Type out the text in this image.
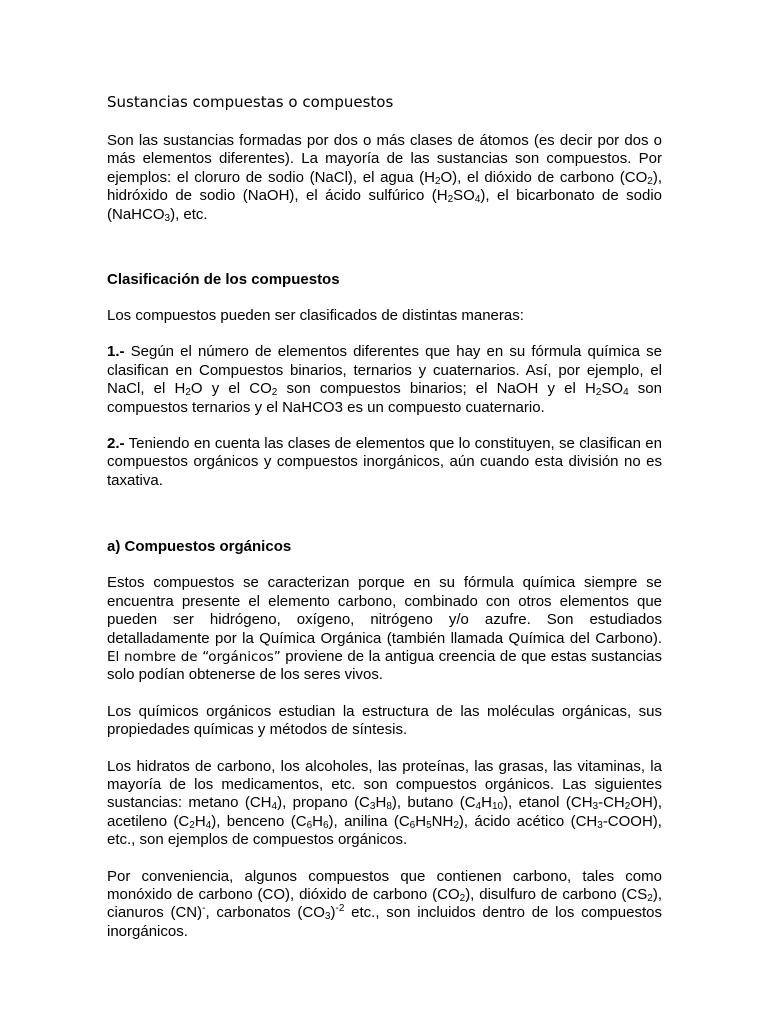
Sustancias compuestas o compuestos

Son las sustancias formadas por dos o más clases de átomos (es decir por dos o más elementos diferentes). La mayoría de las sustancias son compuestos. Por ejemplos: el cloruro de sodio (NaCl), el agua $(H_2O)$, el dióxido de carbono $(CO_2)$, hidróxido de sodio (NaOH), el ácido sulfúrico $(H_2SO_4)$, el bicarbonato de sodio (NaHCO$_3$), etc.

Clasificación de los compuestos

Los compuestos pueden ser clasificados de distintas maneras:

1.- Según el número de elementos diferentes que hay en su fórmula química se clasifican en Compuestos binarios, ternarios y cuaternarios. Así, por ejemplo, el NaCl, el $H_2O$ y el $CO_2$ son compuestos binarios; el NaOH y el $H_2SO_4$ son compuestos ternarios y el NaHCO3 es un compuesto cuaternario.

2.- Teniendo en cuenta las clases de elementos que lo constituyen, se clasifican en compuestos orgánicos y compuestos inorgánicos, aún cuando esta división no es taxativa.

a) Compuestos orgánicos

Estos compuestos se caracterizan porque en su fórmula química siempre se encuentra presente el elemento carbono, combinado con otros elementos que pueden ser hidrógeno, oxígeno, nitrógeno y/o azufre. Son estudiados detalladamente por la Química Orgánica (también llamada Química del Carbono). El nombre de “orgánicos” proviene de la antigua creencia de que estas sustancias solo podían obtenerse de los seres vivos.

Los químicos orgánicos estudian la estructura de las moléculas orgánicas, sus propiedades químicas y métodos de síntesis.

Los hidratos de carbono, los alcoholes, las proteínas, las grasas, las vitaminas, la mayoría de los medicamentos, etc. son compuestos orgánicos. Las siguientes sustancias: metano $(CH_4)$, propano $(C_3H_8)$, butano $(C_4H_{10})$, etanol $(CH_3-CH_2OH)$, acetileno $(C_2H_4)$, benceno $(C_6H_6)$, anilina $(C_6H_5NH_2)$, ácido acético $(CH_3-COOH)$, etc., son ejemplos de compuestos orgánicos.

Por conveniencia, algunos compuestos que contienen carbono, tales como monóxido de carbono (CO), dióxido de carbono $(CO_2)$, disulfuro de carbono $(CS_2)$, cianuros (CN)-, carbonatos $(CO_3)^{-2}$ etc., son incluidos dentro de los compuestos inorgánicos.
